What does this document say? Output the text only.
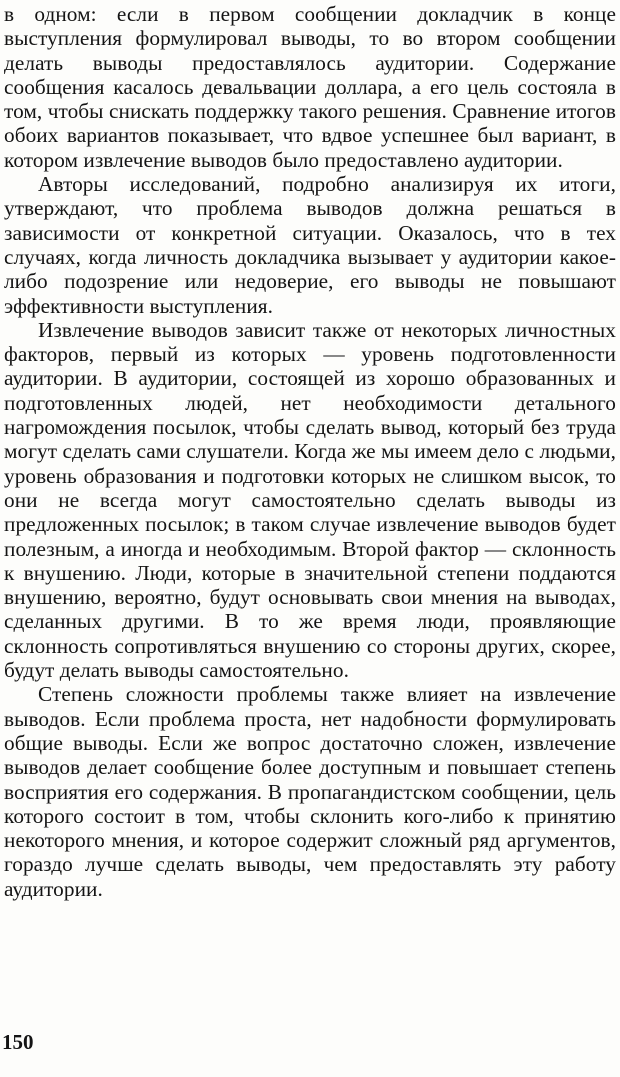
в одном: если в первом сообщении докладчик в конце выступления формулировал выводы, то во втором сообщении делать выводы предоставлялось аудитории. Содержание сообщения касалось девальвации доллара, а его цель состояла в том, чтобы снискать поддержку такого решения. Сравнение итогов обоих вариантов показывает, что вдвое успешнее был вариант, в котором извлечение выводов было предоставлено аудитории.

Авторы исследований, подробно анализируя их итоги, утверждают, что проблема выводов должна решаться в зависимости от конкретной ситуации. Оказалось, что в тех случаях, когда личность докладчика вызывает у аудитории какое-либо подозрение или недоверие, его выводы не повышают эффективности выступления.

Извлечение выводов зависит также от некоторых личностных факторов, первый из которых — уровень подготовленности аудитории. В аудитории, состоящей из хорошо образованных и подготовленных людей, нет необходимости детального нагромождения посылок, чтобы сделать вывод, который без труда могут сделать сами слушатели. Когда же мы имеем дело с людьми, уровень образования и подготовки которых не слишком высок, то они не всегда могут самостоятельно сделать выводы из предложенных посылок; в таком случае извлечение выводов будет полезным, а иногда и необходимым. Второй фактор — склонность к внушению. Люди, которые в значительной степени поддаются внушению, вероятно, будут основывать свои мнения на выводах, сделанных другими. В то же время люди, проявляющие склонность сопротивляться внушению со стороны других, скорее, будут делать выводы самостоятельно.

Степень сложности проблемы также влияет на извлечение выводов. Если проблема проста, нет надобности формулировать общие выводы. Если же вопрос достаточно сложен, извлечение выводов делает сообщение более доступным и повышает степень восприятия его содержания. В пропагандистском сообщении, цель которого состоит в том, чтобы склонить кого-либо к принятию некоторого мнения, и которое содержит сложный ряд аргументов, гораздо лучше сделать выводы, чем предоставлять эту работу аудитории.

150
